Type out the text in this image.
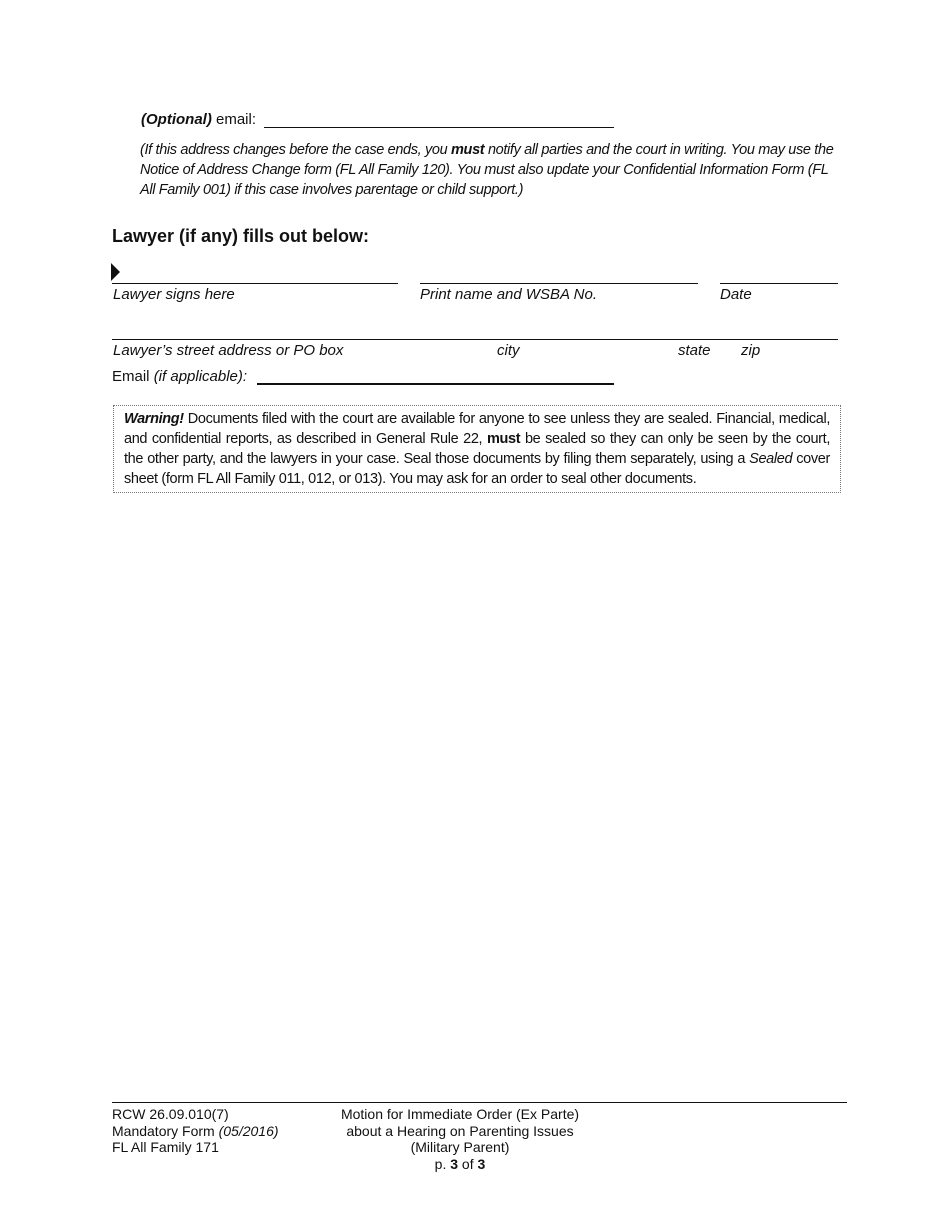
(Optional) email:
(If this address changes before the case ends, you must notify all parties and the court in writing. You may use the Notice of Address Change form (FL All Family 120). You must also update your Confidential Information Form (FL All Family 001) if this case involves parentage or child support.)
Lawyer (if any) fills out below:
Lawyer signs here	Print name and WSBA No.	Date
Lawyer’s street address or PO box	city	state zip
Email (if applicable):
Warning! Documents filed with the court are available for anyone to see unless they are sealed. Financial, medical, and confidential reports, as described in General Rule 22, must be sealed so they can only be seen by the court, the other party, and the lawyers in your case. Seal those documents by filing them separately, using a Sealed cover sheet (form FL All Family 011, 012, or 013). You may ask for an order to seal other documents.
RCW 26.09.010(7)
Mandatory Form (05/2016)
FL All Family 171
Motion for Immediate Order (Ex Parte)
about a Hearing on Parenting Issues
(Military Parent)
p. 3 of 3
